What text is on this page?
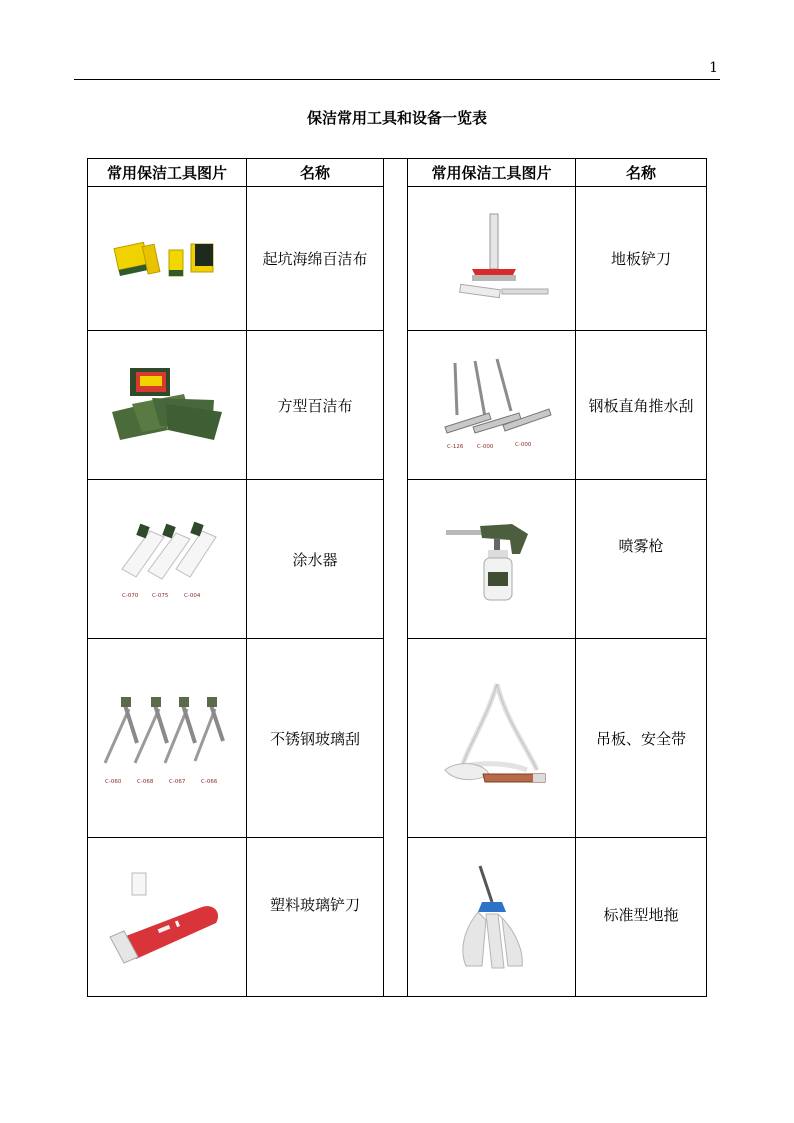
1
保洁常用工具和设备一览表
常用保洁工具图片	名称		常用保洁工具图片	名称

	起坑海绵百洁布			地板铲刀

	方型百洁布		C-126 C-000 C-000	钢板直角推水刮

C-070 C-075 C-004	涂水器			喷雾枪

C-060 C-068 C-067 C-066	不锈钢玻璃刮			吊板、安全带

	塑料玻璃铲刀			标准型地拖
